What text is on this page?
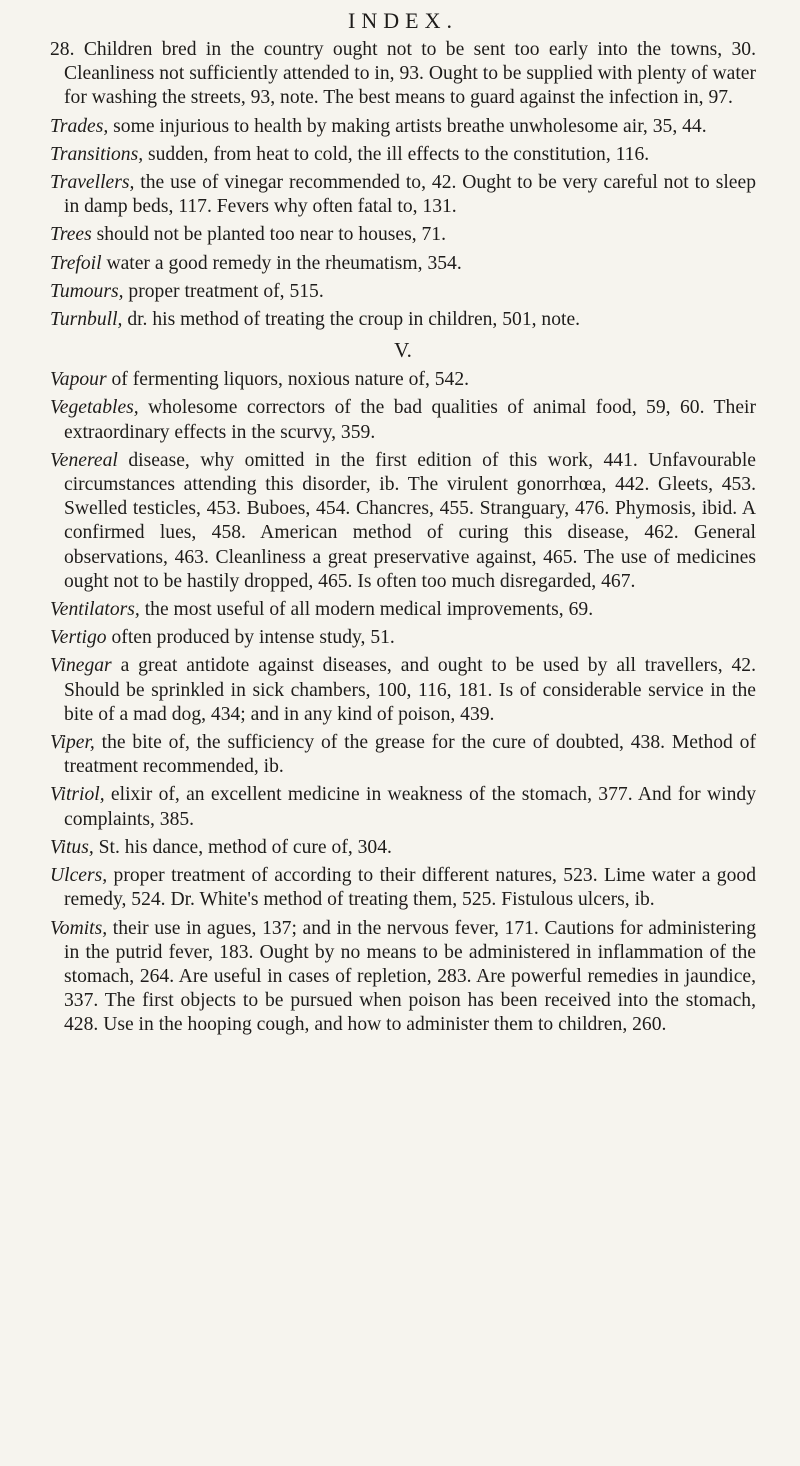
INDEX.

28. Children bred in the country ought not to be sent too early into the towns, 30. Cleanliness not sufficiently attended to in, 93. Ought to be supplied with plenty of water for washing the streets, 93, note. The best means to guard against the infection in, 97.

Trades, some injurious to health by making artists breathe unwholesome air, 35, 44.

Transitions, sudden, from heat to cold, the ill effects to the constitution, 116.

Travellers, the use of vinegar recommended to, 42. Ought to be very careful not to sleep in damp beds, 117. Fevers why often fatal to, 131.

Trees should not be planted too near to houses, 71.

Trefoil water a good remedy in the rheumatism, 354.

Tumours, proper treatment of, 515.

Turnbull, dr. his method of treating the croup in children, 501, note.

V.

Vapour of fermenting liquors, noxious nature of, 542.

Vegetables, wholesome correctors of the bad qualities of animal food, 59, 60. Their extraordinary effects in the scurvy, 359.

Venereal disease, why omitted in the first edition of this work, 441. Unfavourable circumstances attending this disorder, ib. The virulent gonorrhœa, 442. Gleets, 453. Swelled testicles, 453. Buboes, 454. Chancres, 455. Stranguary, 476. Phymosis, ibid. A confirmed lues, 458. American method of curing this disease, 462. General observations, 463. Cleanliness a great preservative against, 465. The use of medicines ought not to be hastily dropped, 465. Is often too much disregarded, 467.

Ventilators, the most useful of all modern medical improvements, 69.

Vertigo often produced by intense study, 51.

Vinegar a great antidote against diseases, and ought to be used by all travellers, 42. Should be sprinkled in sick chambers, 100, 116, 181. Is of considerable service in the bite of a mad dog, 434; and in any kind of poison, 439.

Viper, the bite of, the sufficiency of the grease for the cure of doubted, 438. Method of treatment recommended, ib.

Vitriol, elixir of, an excellent medicine in weakness of the stomach, 377. And for windy complaints, 385.

Vitus, St. his dance, method of cure of, 304.

Ulcers, proper treatment of according to their different natures, 523. Lime water a good remedy, 524. Dr. White's method of treating them, 525. Fistulous ulcers, ib.

Vomits, their use in agues, 137; and in the nervous fever, 171. Cautions for administering in the putrid fever, 183. Ought by no means to be administered in inflammation of the stomach, 264. Are useful in cases of repletion, 283. Are powerful remedies in jaundice, 337. The first objects to be pursued when poison has been received into the stomach, 428. Use in the hooping cough, and how to administer them to children, 260.
